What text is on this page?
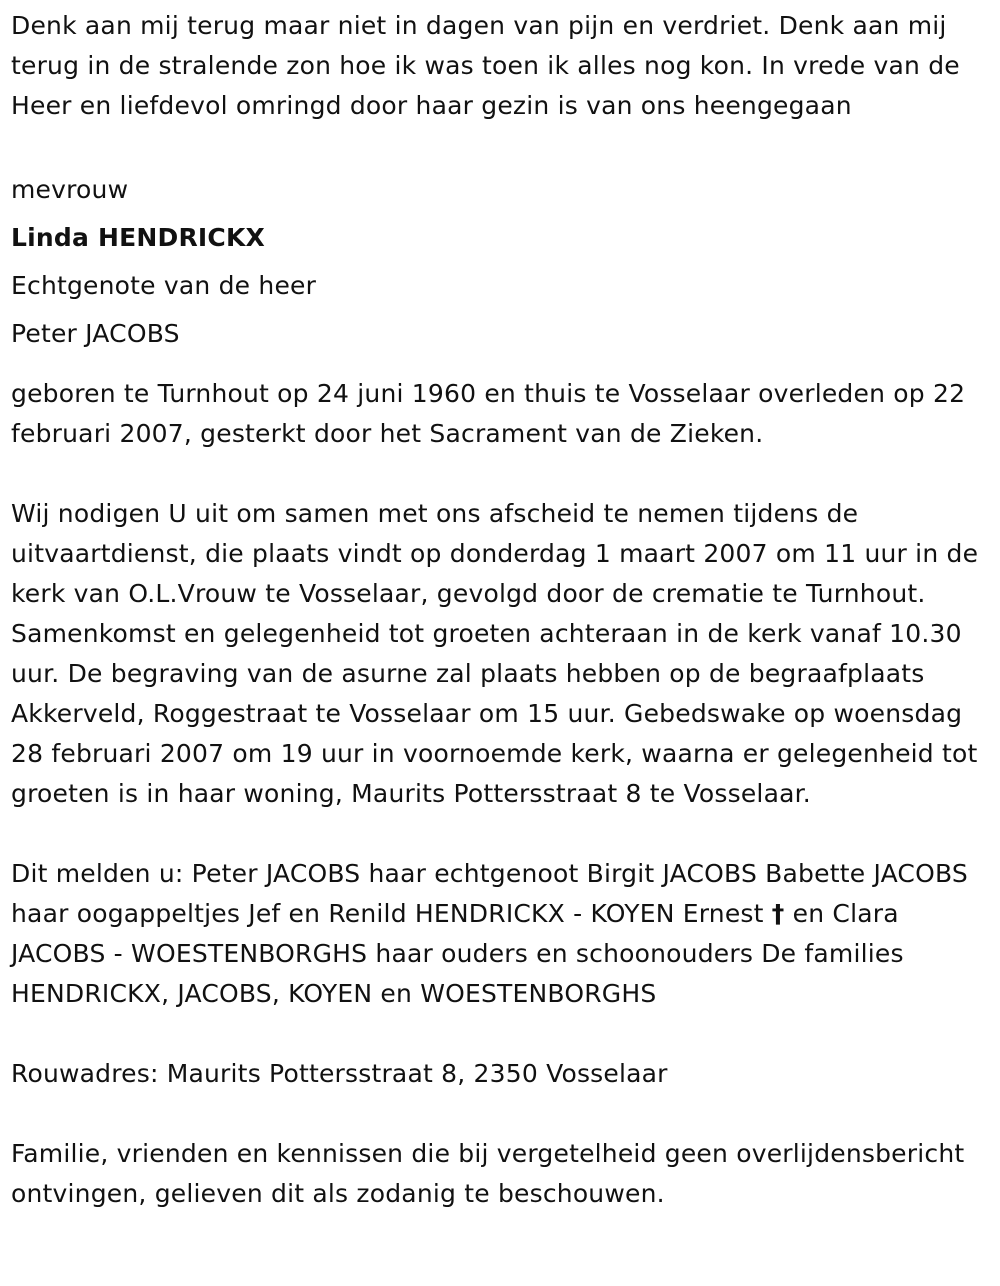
Denk aan mij terug maar niet in dagen van pijn en verdriet. Denk aan mij terug in de stralende zon hoe ik was toen ik alles nog kon. In vrede van de Heer en liefdevol omringd door haar gezin is van ons heengegaan

mevrouw
Linda HENDRICKX
Echtgenote van de heer
Peter JACOBS

geboren te Turnhout op 24 juni 1960 en thuis te Vosselaar overleden op 22 februari 2007, gesterkt door het Sacrament van de Zieken.

Wij nodigen U uit om samen met ons afscheid te nemen tijdens de uitvaartdienst, die plaats vindt op donderdag 1 maart 2007 om 11 uur in de kerk van O.L.Vrouw te Vosselaar, gevolgd door de crematie te Turnhout. Samenkomst en gelegenheid tot groeten achteraan in de kerk vanaf 10.30 uur. De begraving van de asurne zal plaats hebben op de begraafplaats Akkerveld, Roggestraat te Vosselaar om 15 uur. Gebedswake op woensdag 28 februari 2007 om 19 uur in voornoemde kerk, waarna er gelegenheid tot groeten is in haar woning, Maurits Pottersstraat 8 te Vosselaar.

Dit melden u: Peter JACOBS haar echtgenoot Birgit JACOBS Babette JACOBS haar oogappeltjes Jef en Renild HENDRICKX - KOYEN Ernest † en Clara JACOBS - WOESTENBORGHS haar ouders en schoonouders De families HENDRICKX, JACOBS, KOYEN en WOESTENBORGHS

Rouwadres: Maurits Pottersstraat 8, 2350 Vosselaar

Familie, vrienden en kennissen die bij vergetelheid geen overlijdensbericht ontvingen, gelieven dit als zodanig te beschouwen.
